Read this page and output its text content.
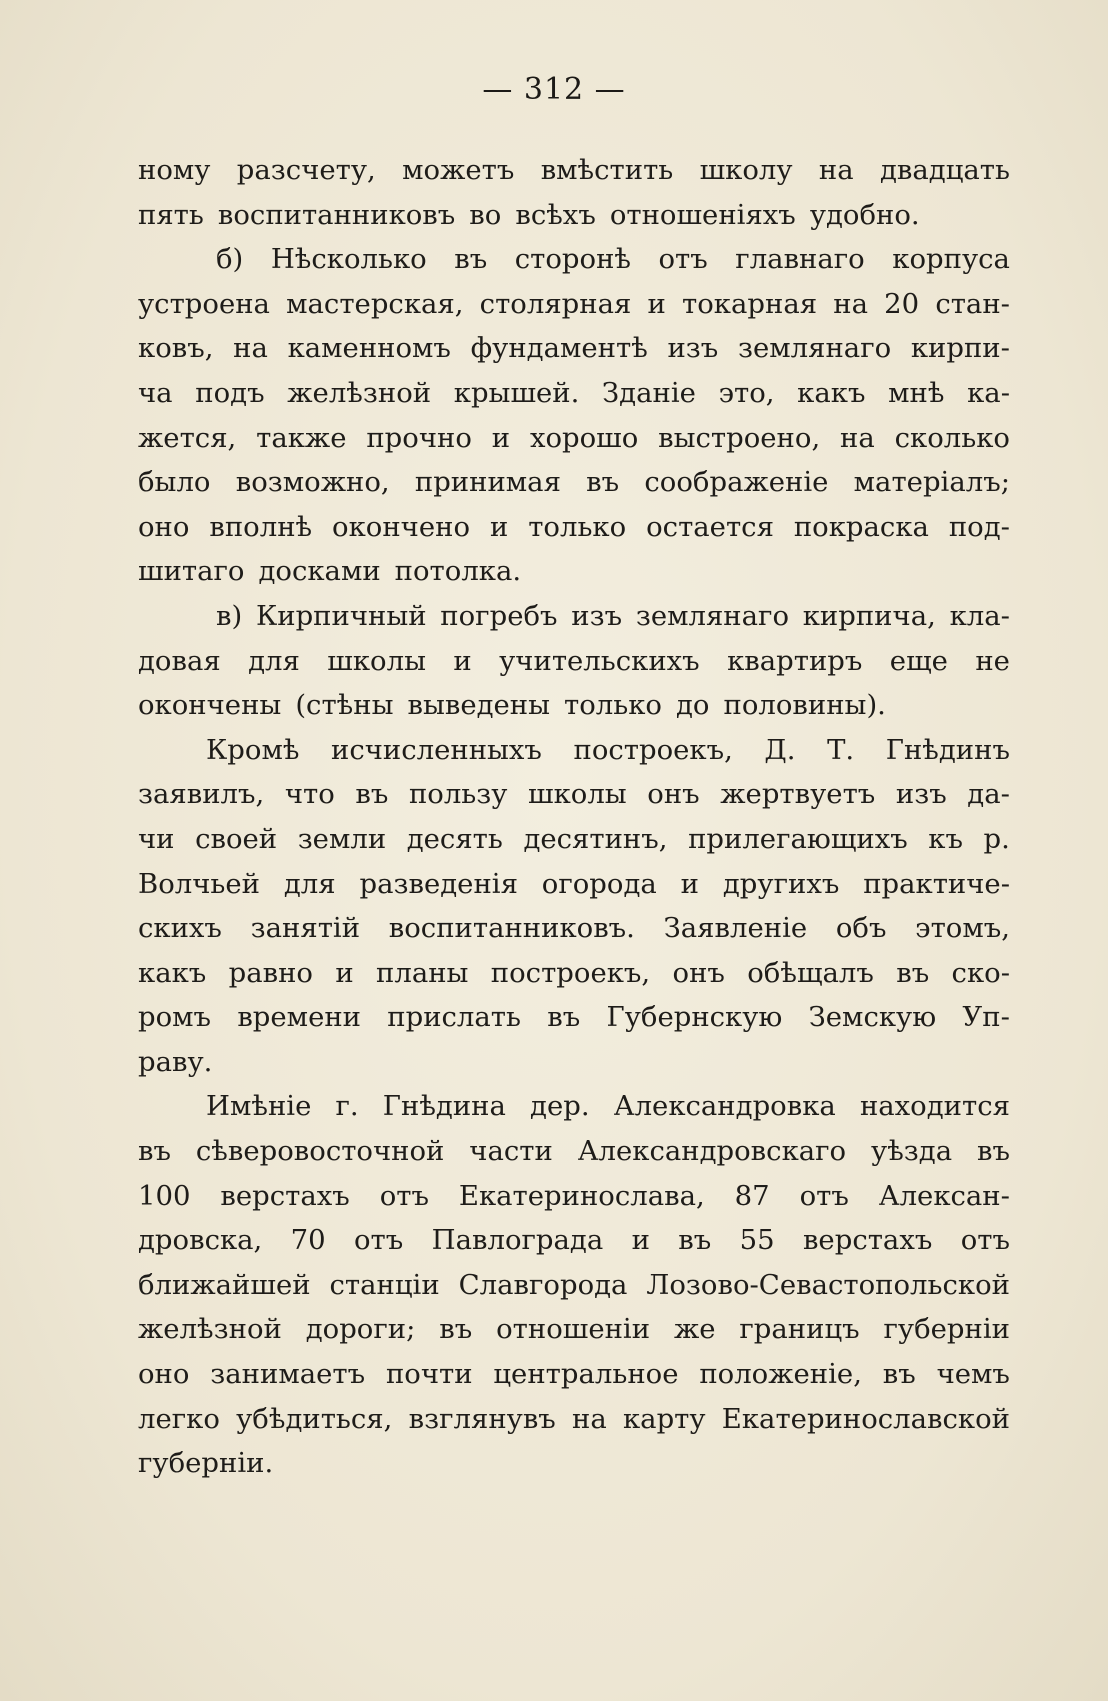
— 312 —
ному разсчету, можетъ вмѣстить школу на двадцать
пять воспитанниковъ во всѣхъ отношеніяхъ удобно.
б) Нѣсколько въ сторонѣ отъ главнаго корпуса
устроена мастерская, столярная и токарная на 20 стан-
ковъ, на каменномъ фундаментѣ изъ землянаго кирпи-
ча подъ желѣзной крышей. Зданіе это, какъ мнѣ ка-
жется, также прочно и хорошо выстроено, на сколько
было возможно, принимая въ соображеніе матеріалъ;
оно вполнѣ окончено и только остается покраска под-
шитаго досками потолка.
в) Кирпичный погребъ изъ землянаго кирпича, кла-
довая для школы и учительскихъ квартиръ еще не
окончены (стѣны выведены только до половины).
Кромѣ исчисленныхъ построекъ, Д. Т. Гнѣдинъ
заявилъ, что въ пользу школы онъ жертвуетъ изъ да-
чи своей земли десять десятинъ, прилегающихъ къ р.
Волчьей для разведенія огорода и другихъ практиче-
скихъ занятій воспитанниковъ. Заявленіе объ этомъ,
какъ равно и планы построекъ, онъ обѣщалъ въ ско-
ромъ времени прислать въ Губернскую Земскую Уп-
раву.
Имѣніе г. Гнѣдина дер. Александровка находится
въ сѣверовосточной части Александровскаго уѣзда въ
100 верстахъ отъ Екатеринослава, 87 отъ Алексан-
дровска, 70 отъ Павлограда и въ 55 верстахъ отъ
ближайшей станціи Славгорода Лозово-Севастопольской
желѣзной дороги; въ отношеніи же границъ губерніи
оно занимаетъ почти центральное положеніе, въ чемъ
легко убѣдиться, взглянувъ на карту Екатеринославской
губерніи.
